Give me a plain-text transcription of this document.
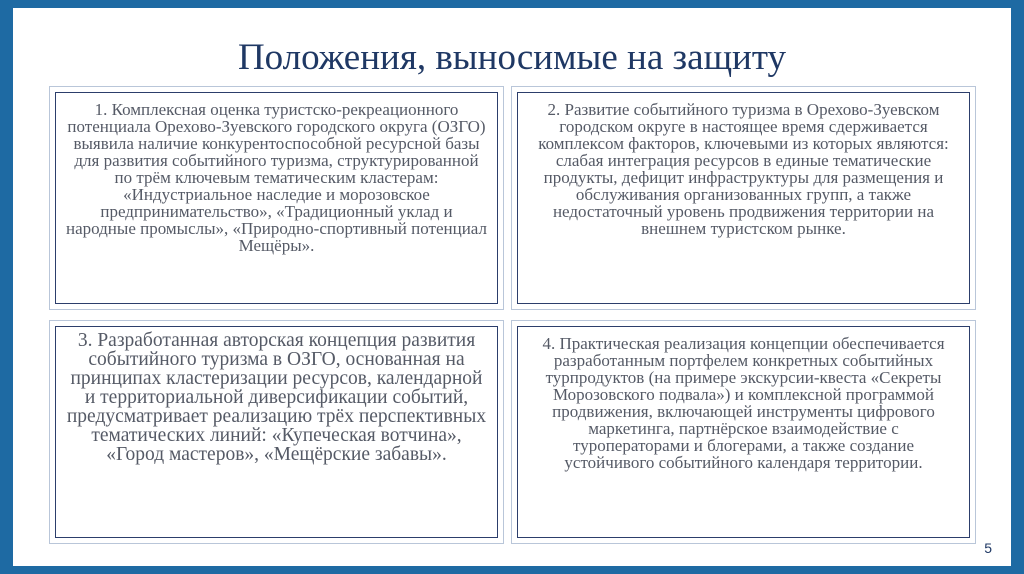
Положения, выносимые на защиту
1. Комплексная оценка туристско-рекреационного потенциала Орехово-Зуевского городского округа (ОЗГО) выявила наличие конкурентоспособной ресурсной базы для развития событийного туризма, структурированной по трём ключевым тематическим кластерам: «Индустриальное наследие и морозовское предпринимательство», «Традиционный уклад и народные промыслы», «Природно-спортивный потенциал Мещёры».
2. Развитие событийного туризма в Орехово-Зуевском городском округе в настоящее время сдерживается комплексом факторов, ключевыми из которых являются: слабая интеграция ресурсов в единые тематические продукты, дефицит инфраструктуры для размещения и обслуживания организованных групп, а также недостаточный уровень продвижения территории на внешнем туристском рынке.
3. Разработанная авторская концепция развития событийного туризма в ОЗГО, основанная на принципах кластеризации ресурсов, календарной и территориальной диверсификации событий, предусматривает реализацию трёх перспективных тематических линий: «Купеческая вотчина», «Город мастеров», «Мещёрские забавы».
4. Практическая реализация концепции обеспечивается разработанным портфелем конкретных событийных турпродуктов (на примере экскурсии-квеста «Секреты Морозовского подвала») и комплексной программой продвижения, включающей инструменты цифрового маркетинга, партнёрское взаимодействие с туроператорами и блогерами, а также создание устойчивого событийного календаря территории.
5
